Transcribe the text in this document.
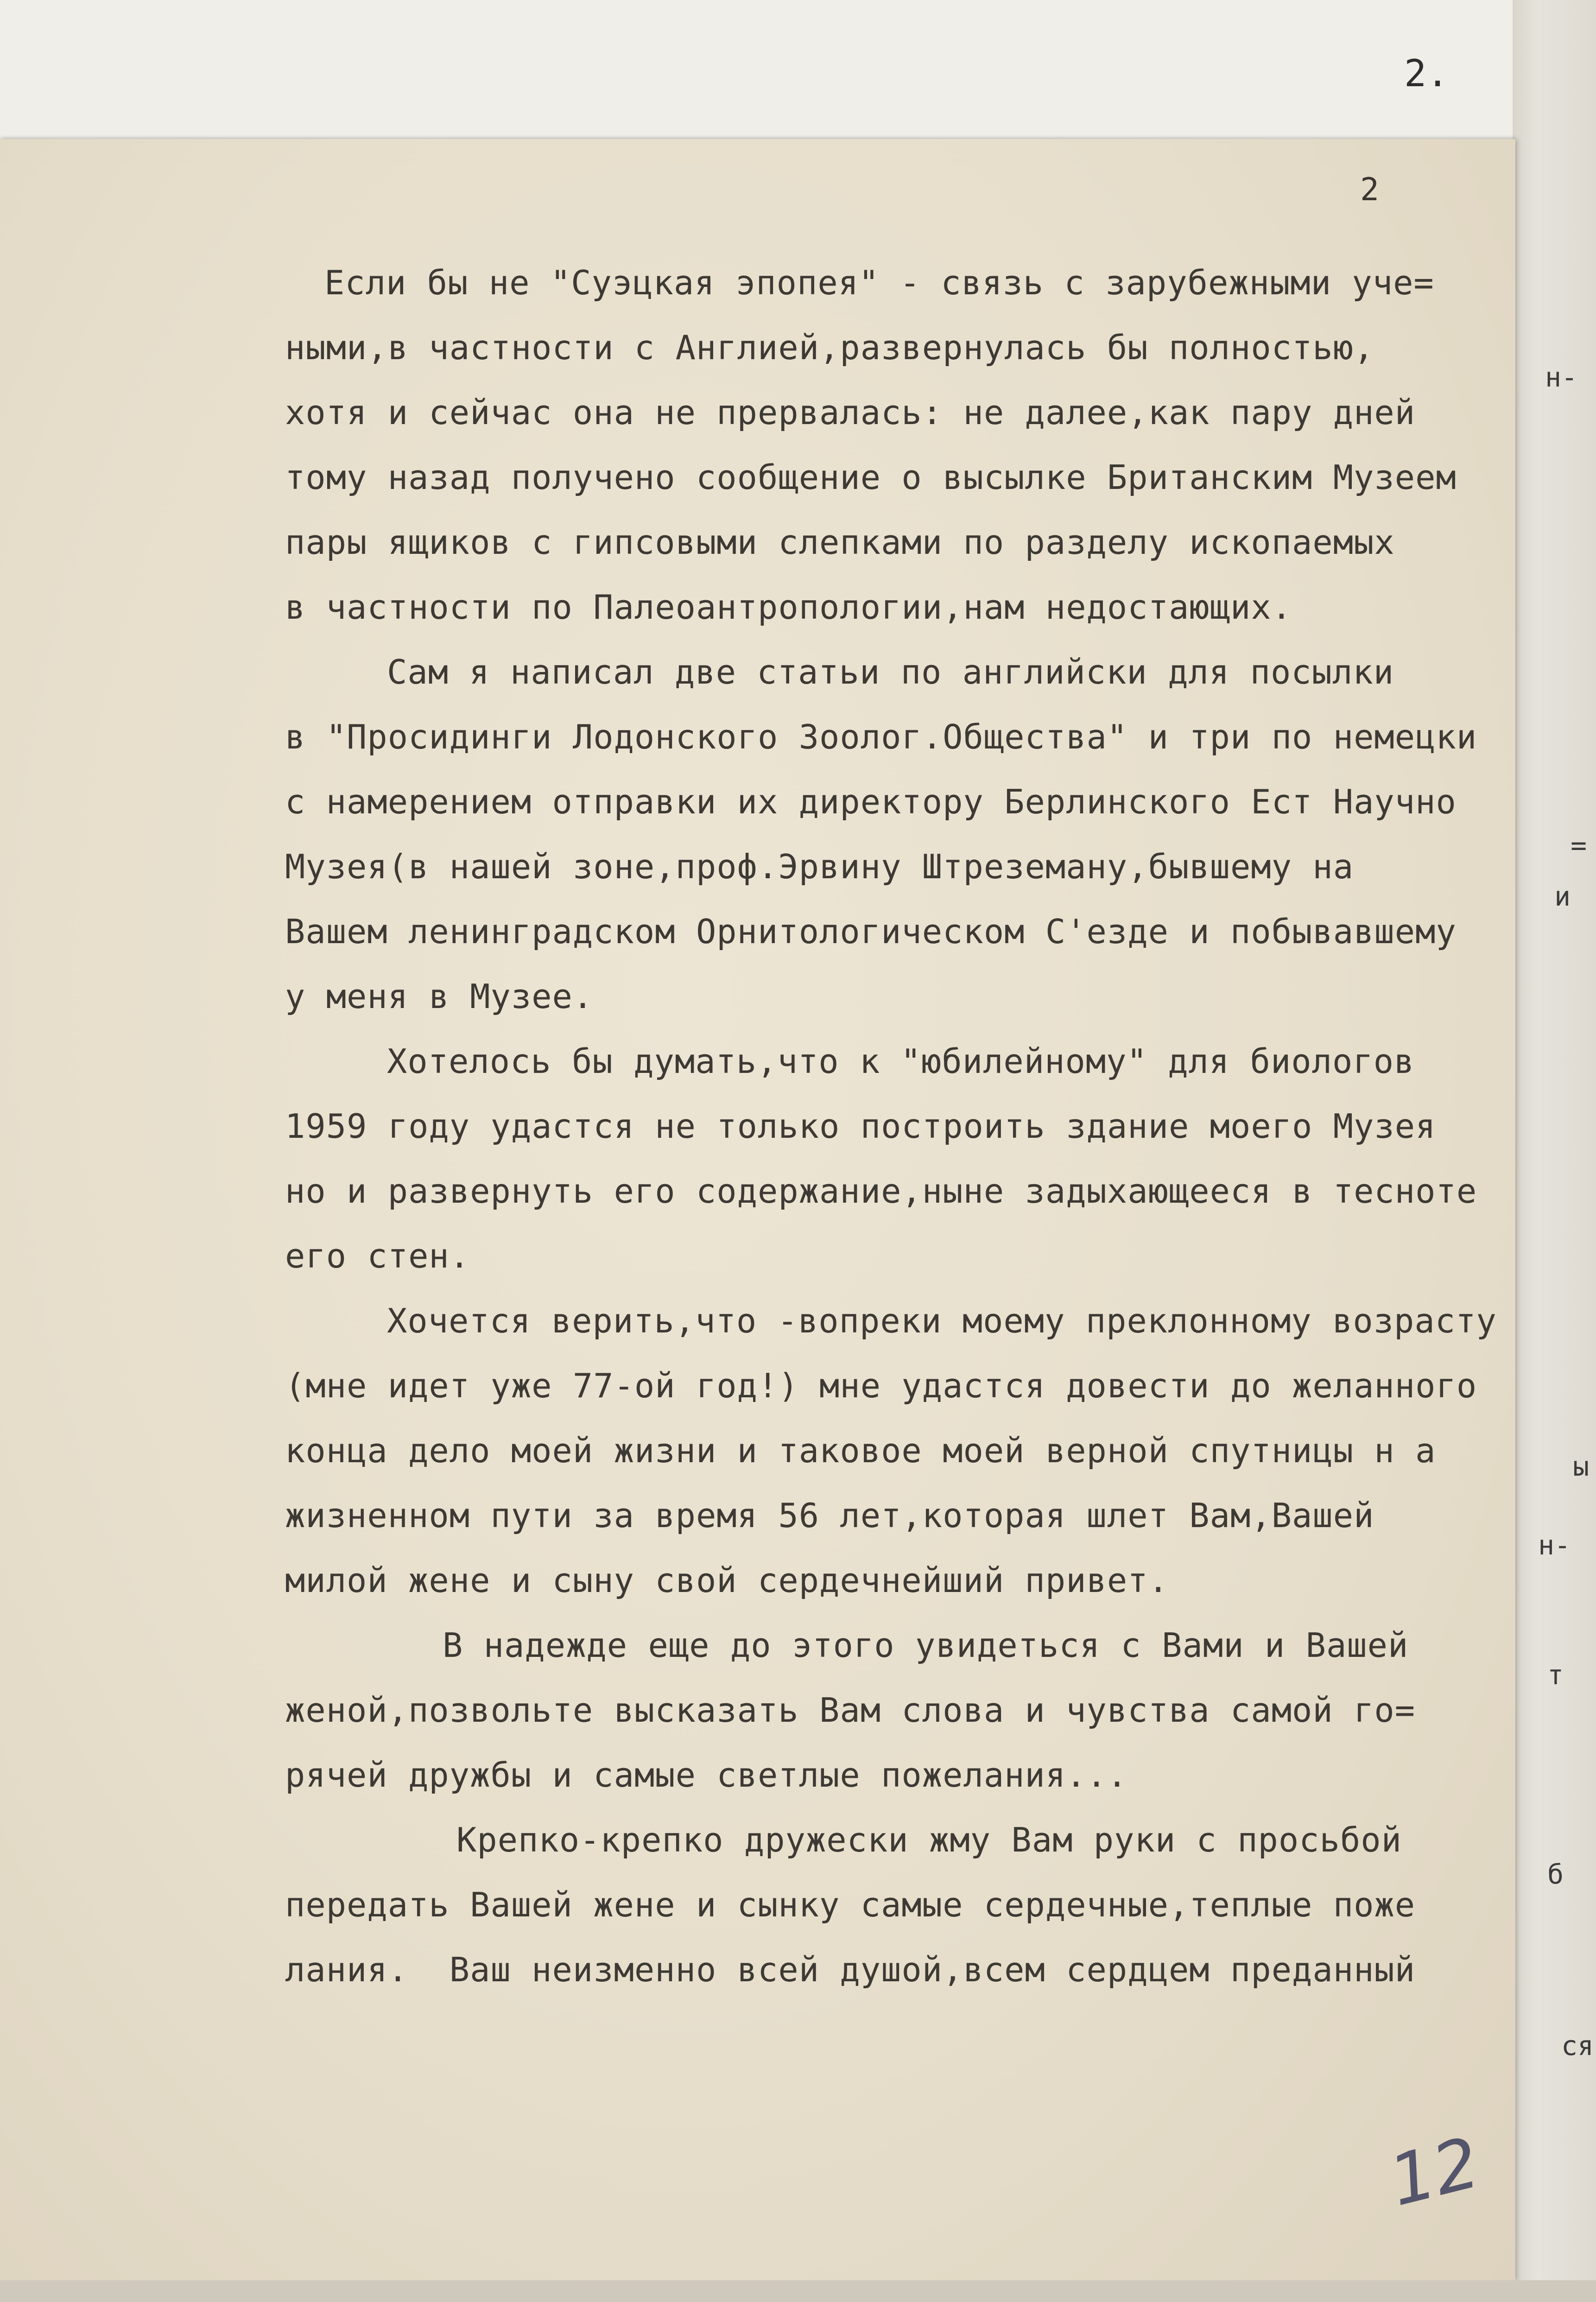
2.
н-
=
и
ы
н-
т
б
ся
2
Если бы не "Суэцкая эпопея" - связь с зарубежными уче=
ными,в частности с Англией,развернулась бы полностью,
хотя и сейчас она не прервалась: не далее,как пару дней
тому назад получено сообщение о высылке Британским Музеем
пары ящиков с гипсовыми слепками по разделу ископаемых
в частности по Палеоантропологии,нам недостающих.
Сам я написал две статьи по английски для посылки
в "Просидинги Лодонского Зоолог.Общества" и три по немецки
с намерением отправки их директору Берлинского Ест Научно
Музея(в нашей зоне,проф.Эрвину Штреземану,бывшему на
Вашем ленинградском Орнитологическом С'езде и побывавшему
у меня в Музее.
Хотелось бы думать,что к "юбилейному" для биологов
1959 году удастся не только построить здание моего Музея
но и развернуть его содержание,ныне задыхающееся в тесноте
его стен.
Хочется верить,что -вопреки моему преклонному возрасту
(мне идет уже 77-ой год!) мне удастся довести до желанного
конца дело моей жизни и таковое моей верной спутницы н а
жизненном пути за время 56 лет,которая шлет Вам,Вашей
милой жене и сыну свой сердечнейший привет.
В надежде еще до этого увидеться с Вами и Вашей
женой,позвольте высказать Вам слова и чувства самой го=
рячей дружбы и самые светлые пожелания...
Крепко-крепко дружески жму Вам руки с просьбой
передать Вашей жене и сынку самые сердечные,теплые поже
лания.  Ваш неизменно всей душой,всем сердцем преданный
12
